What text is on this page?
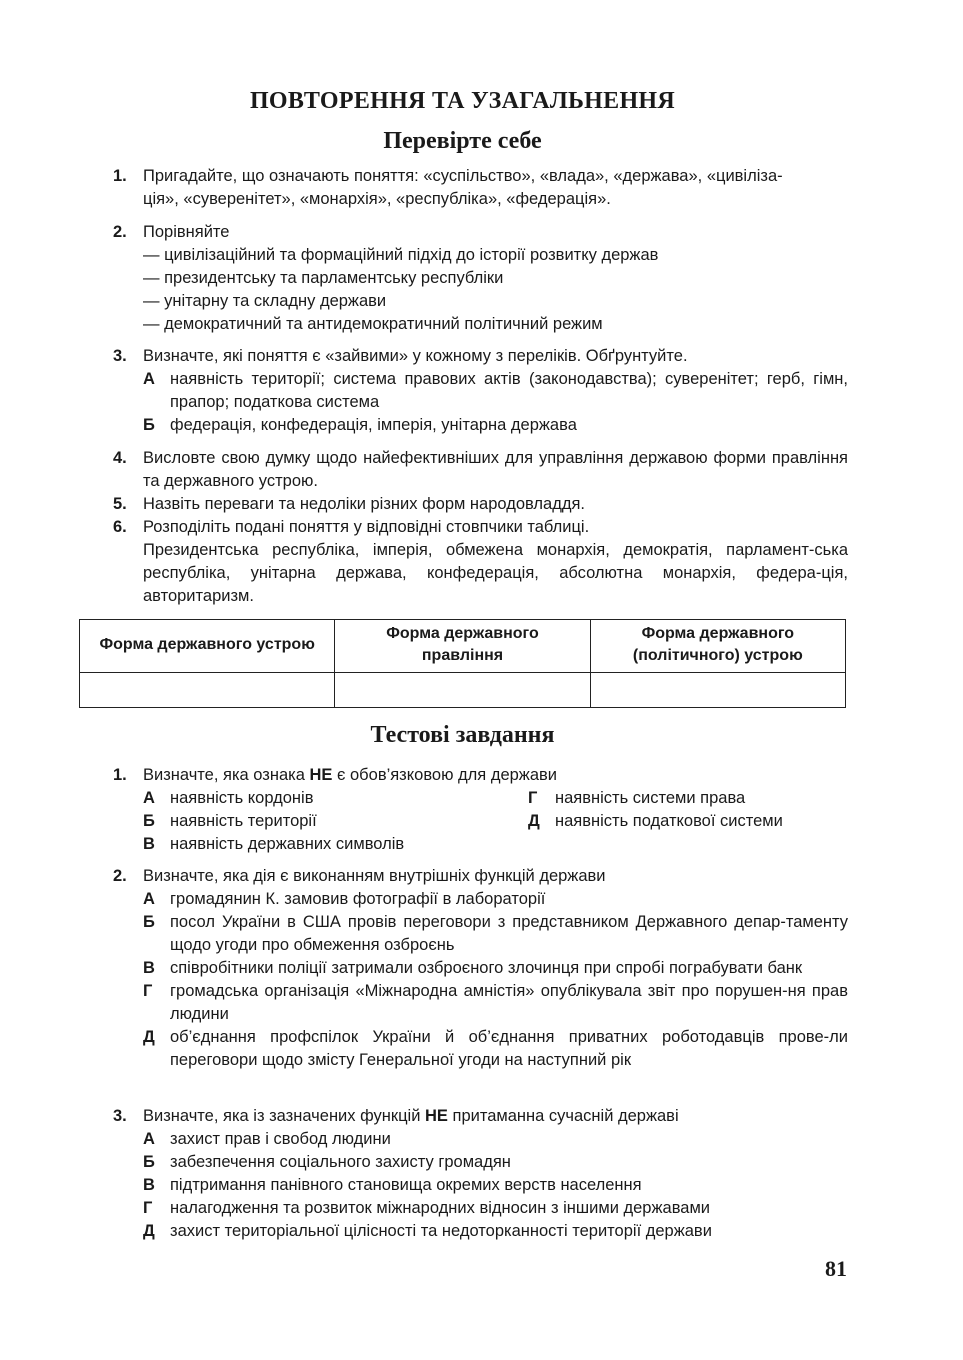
ПОВТОРЕННЯ ТА УЗАГАЛЬНЕННЯ
Перевірте себе
1. Пригадайте, що означають поняття: «суспільство», «влада», «держава», «цивіліза-

ція», «суверенітет», «монархія», «республіка», «федерація».

2. Порівняйте

— цивілізаційний та формаційний підхід до історії розвитку держав

— президентську та парламентську республіки

— унітарну та складну держави

— демократичний та антидемократичний політичний режим

3. Визначте, які поняття є «зайвими» у кожному з переліків. Обґрунтуйте.

А наявність території; система правових актів (законодавства); суверенітет; герб, гімн, прапор; податкова система
Б федерація, конфедерація, імперія, унітарна держава
4. Висловте свою думку щодо найефективніших для управління державою форми правління та державного устрою.

5. Назвіть переваги та недоліки різних форм народовладдя.

6. Розподіліть подані поняття у відповідні стовпчики таблиці.

Президентська республіка, імперія, обмежена монархія, демократія, парламент-ська республіка, унітарна держава, конфедерація, абсолютна монархія, федера-ція, авторитаризм.

Форма державного устрою	Форма державного правління	Форма державного (політичного) устрою

Тестові завдання
1. Визначте, яка ознака НЕ є обов’язковою для держави

А наявність кордонів
Б наявність території
В наявність державних символів
Г наявність системи права
Д наявність податкової системи
2. Визначте, яка дія є виконанням внутрішніх функцій держави

А громадянин К. замовив фотографії в лабораторії
Б посол України в США провів переговори з представником Державного депар-таменту щодо угоди про обмеження озброєнь
В співробітники поліції затримали озброєного злочинця при спробі пограбувати банк
Г громадська організація «Міжнародна амністія» опублікувала звіт про порушен-ня прав людини
Д об’єднання профспілок України й об’єднання приватних роботодавців прове-ли переговори щодо змісту Генеральної угоди на наступний рік
3. Визначте, яка із зазначених функцій НЕ притаманна сучасній державі

А захист прав і свобод людини
Б забезпечення соціального захисту громадян
В підтримання панівного становища окремих верств населення
Г налагодження та розвиток міжнародних відносин з іншими державами
Д захист територіальної цілісності та недоторканності території держави
81
